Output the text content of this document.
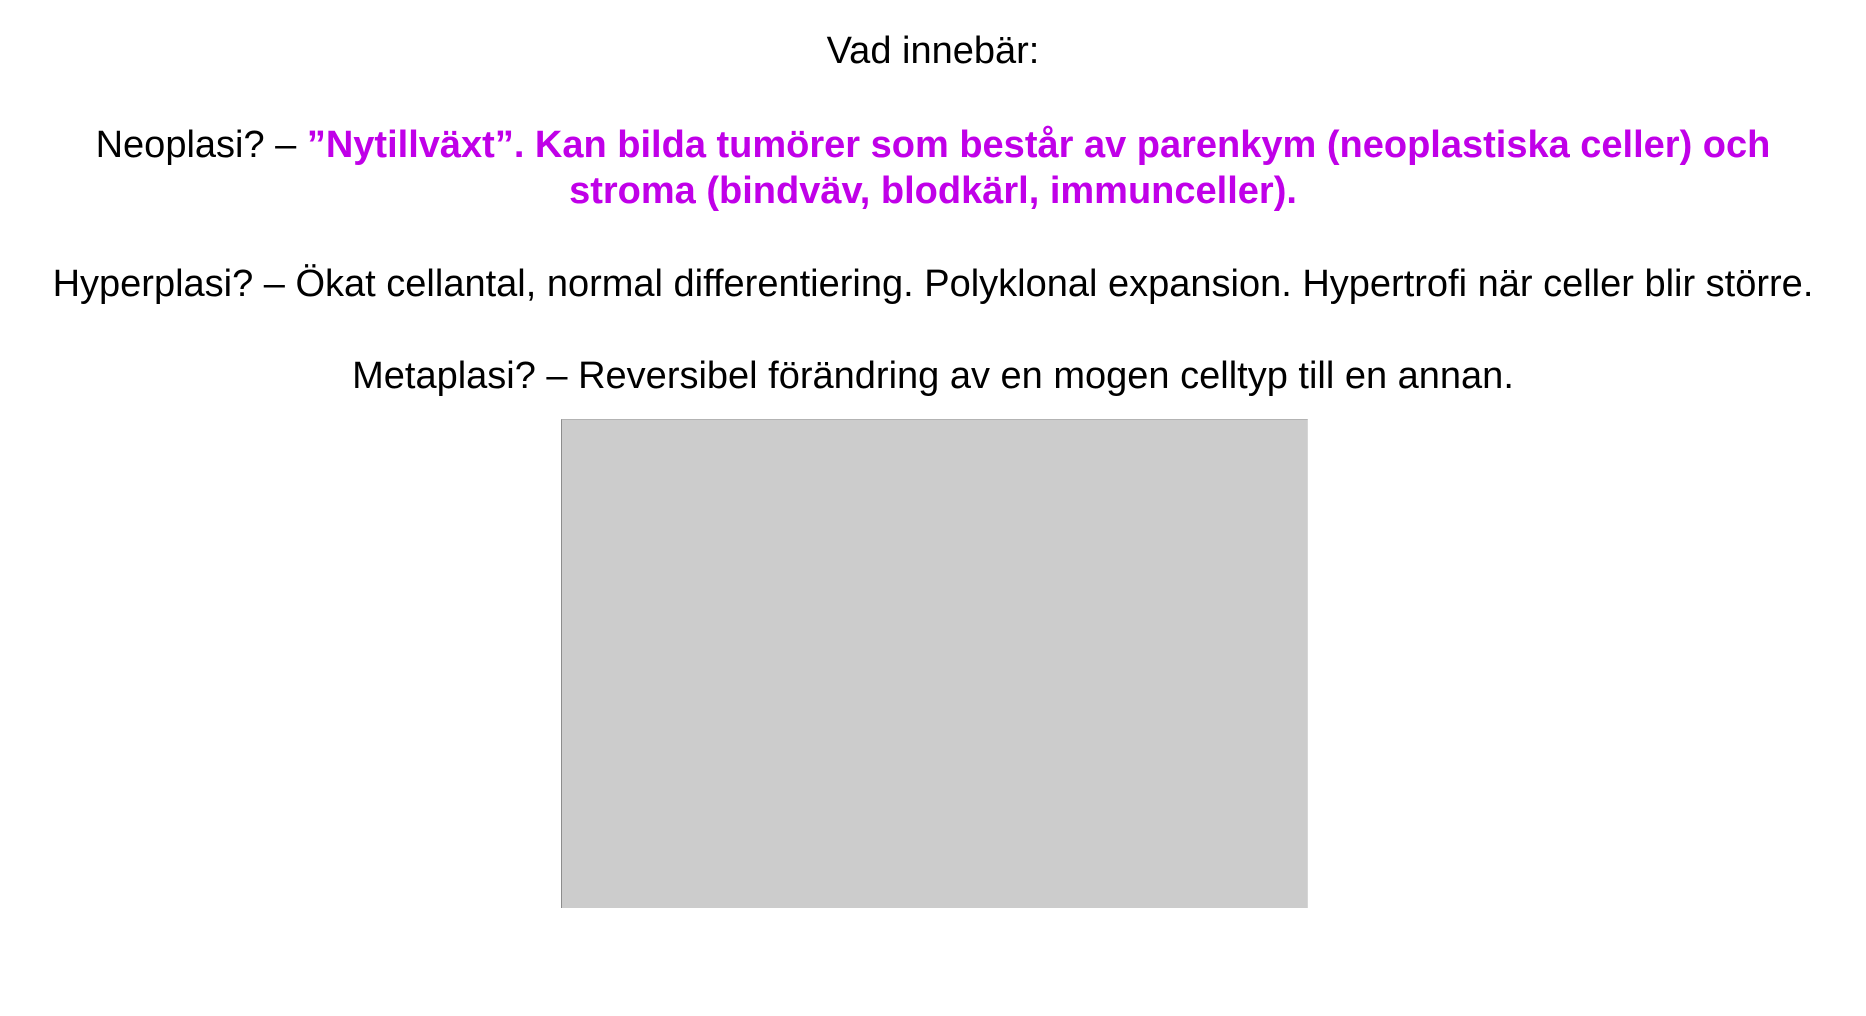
Vad innebär:
Neoplasi? – ”Nytillväxt”. Kan bilda tumörer som består av parenkym (neoplastiska celler) och
stroma (bindväv, blodkärl, immunceller).
Hyperplasi? – Ökat cellantal, normal differentiering. Polyklonal expansion. Hypertrofi när celler blir större.
Metaplasi? – Reversibel förändring av en mogen celltyp till en annan.
